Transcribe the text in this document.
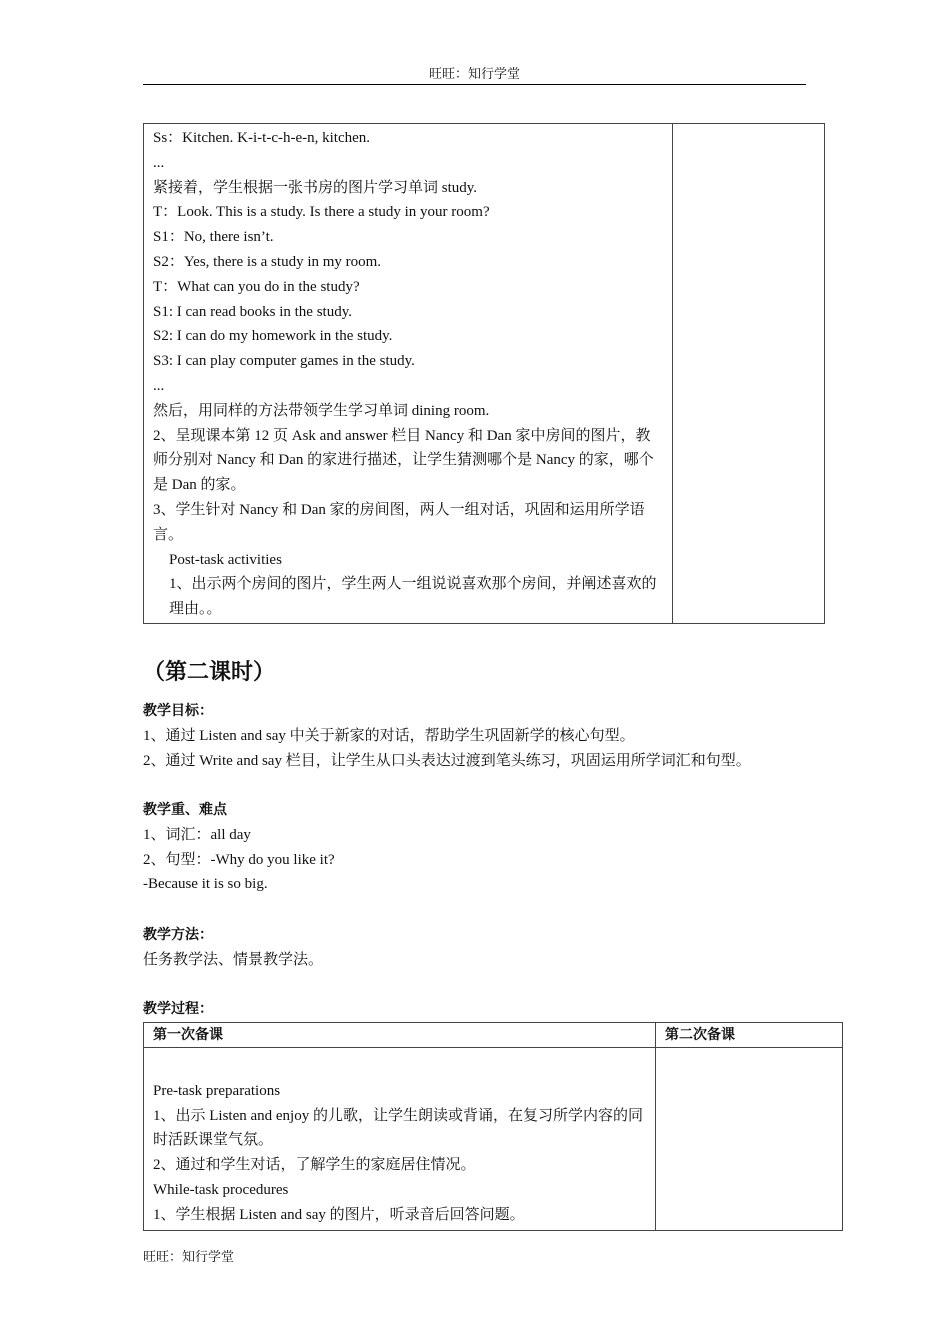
旺旺：知行学堂
Ss：Kitchen. K-i-t-c-h-e-n, kitchen.
...
紧接着，学生根据一张书房的图片学习单词 study.
T：Look. This is a study. Is there a study in your room?
S1：No, there isn’t.
S2：Yes, there is a study in my room.
T：What can you do in the study?
S1: I can read books in the study.
S2: I can do my homework in the study.
S3: I can play computer games in the study.
...
然后，用同样的方法带领学生学习单词 dining room.
2、呈现课本第 12 页 Ask and answer 栏目 Nancy 和 Dan 家中房间的图片，教师分别对 Nancy 和 Dan 的家进行描述，让学生猜测哪个是 Nancy 的家，哪个是 Dan 的家。
3、学生针对 Nancy 和 Dan 家的房间图，两人一组对话，巩固和运用所学语言。
Post-task activities
1、出示两个房间的图片，学生两人一组说说喜欢那个房间，并阐述喜欢的理由。。

（第二课时）
教学目标：
1、通过 Listen and say 中关于新家的对话，帮助学生巩固新学的核心句型。
2、通过 Write and say 栏目，让学生从口头表达过渡到笔头练习，巩固运用所学词汇和句型。
教学重、难点
1、词汇：all day
2、句型：-Why do you like it?
-Because it is so big.
教学方法：
任务教学法、情景教学法。
教学过程：
第一次备课	第二次备课

Pre-task preparations
1、出示 Listen and enjoy 的儿歌，让学生朗读或背诵，在复习所学内容的同时活跃课堂气氛。
2、通过和学生对话，了解学生的家庭居住情况。
While-task procedures
1、学生根据 Listen and say 的图片，听录音后回答问题。	

旺旺：知行学堂
